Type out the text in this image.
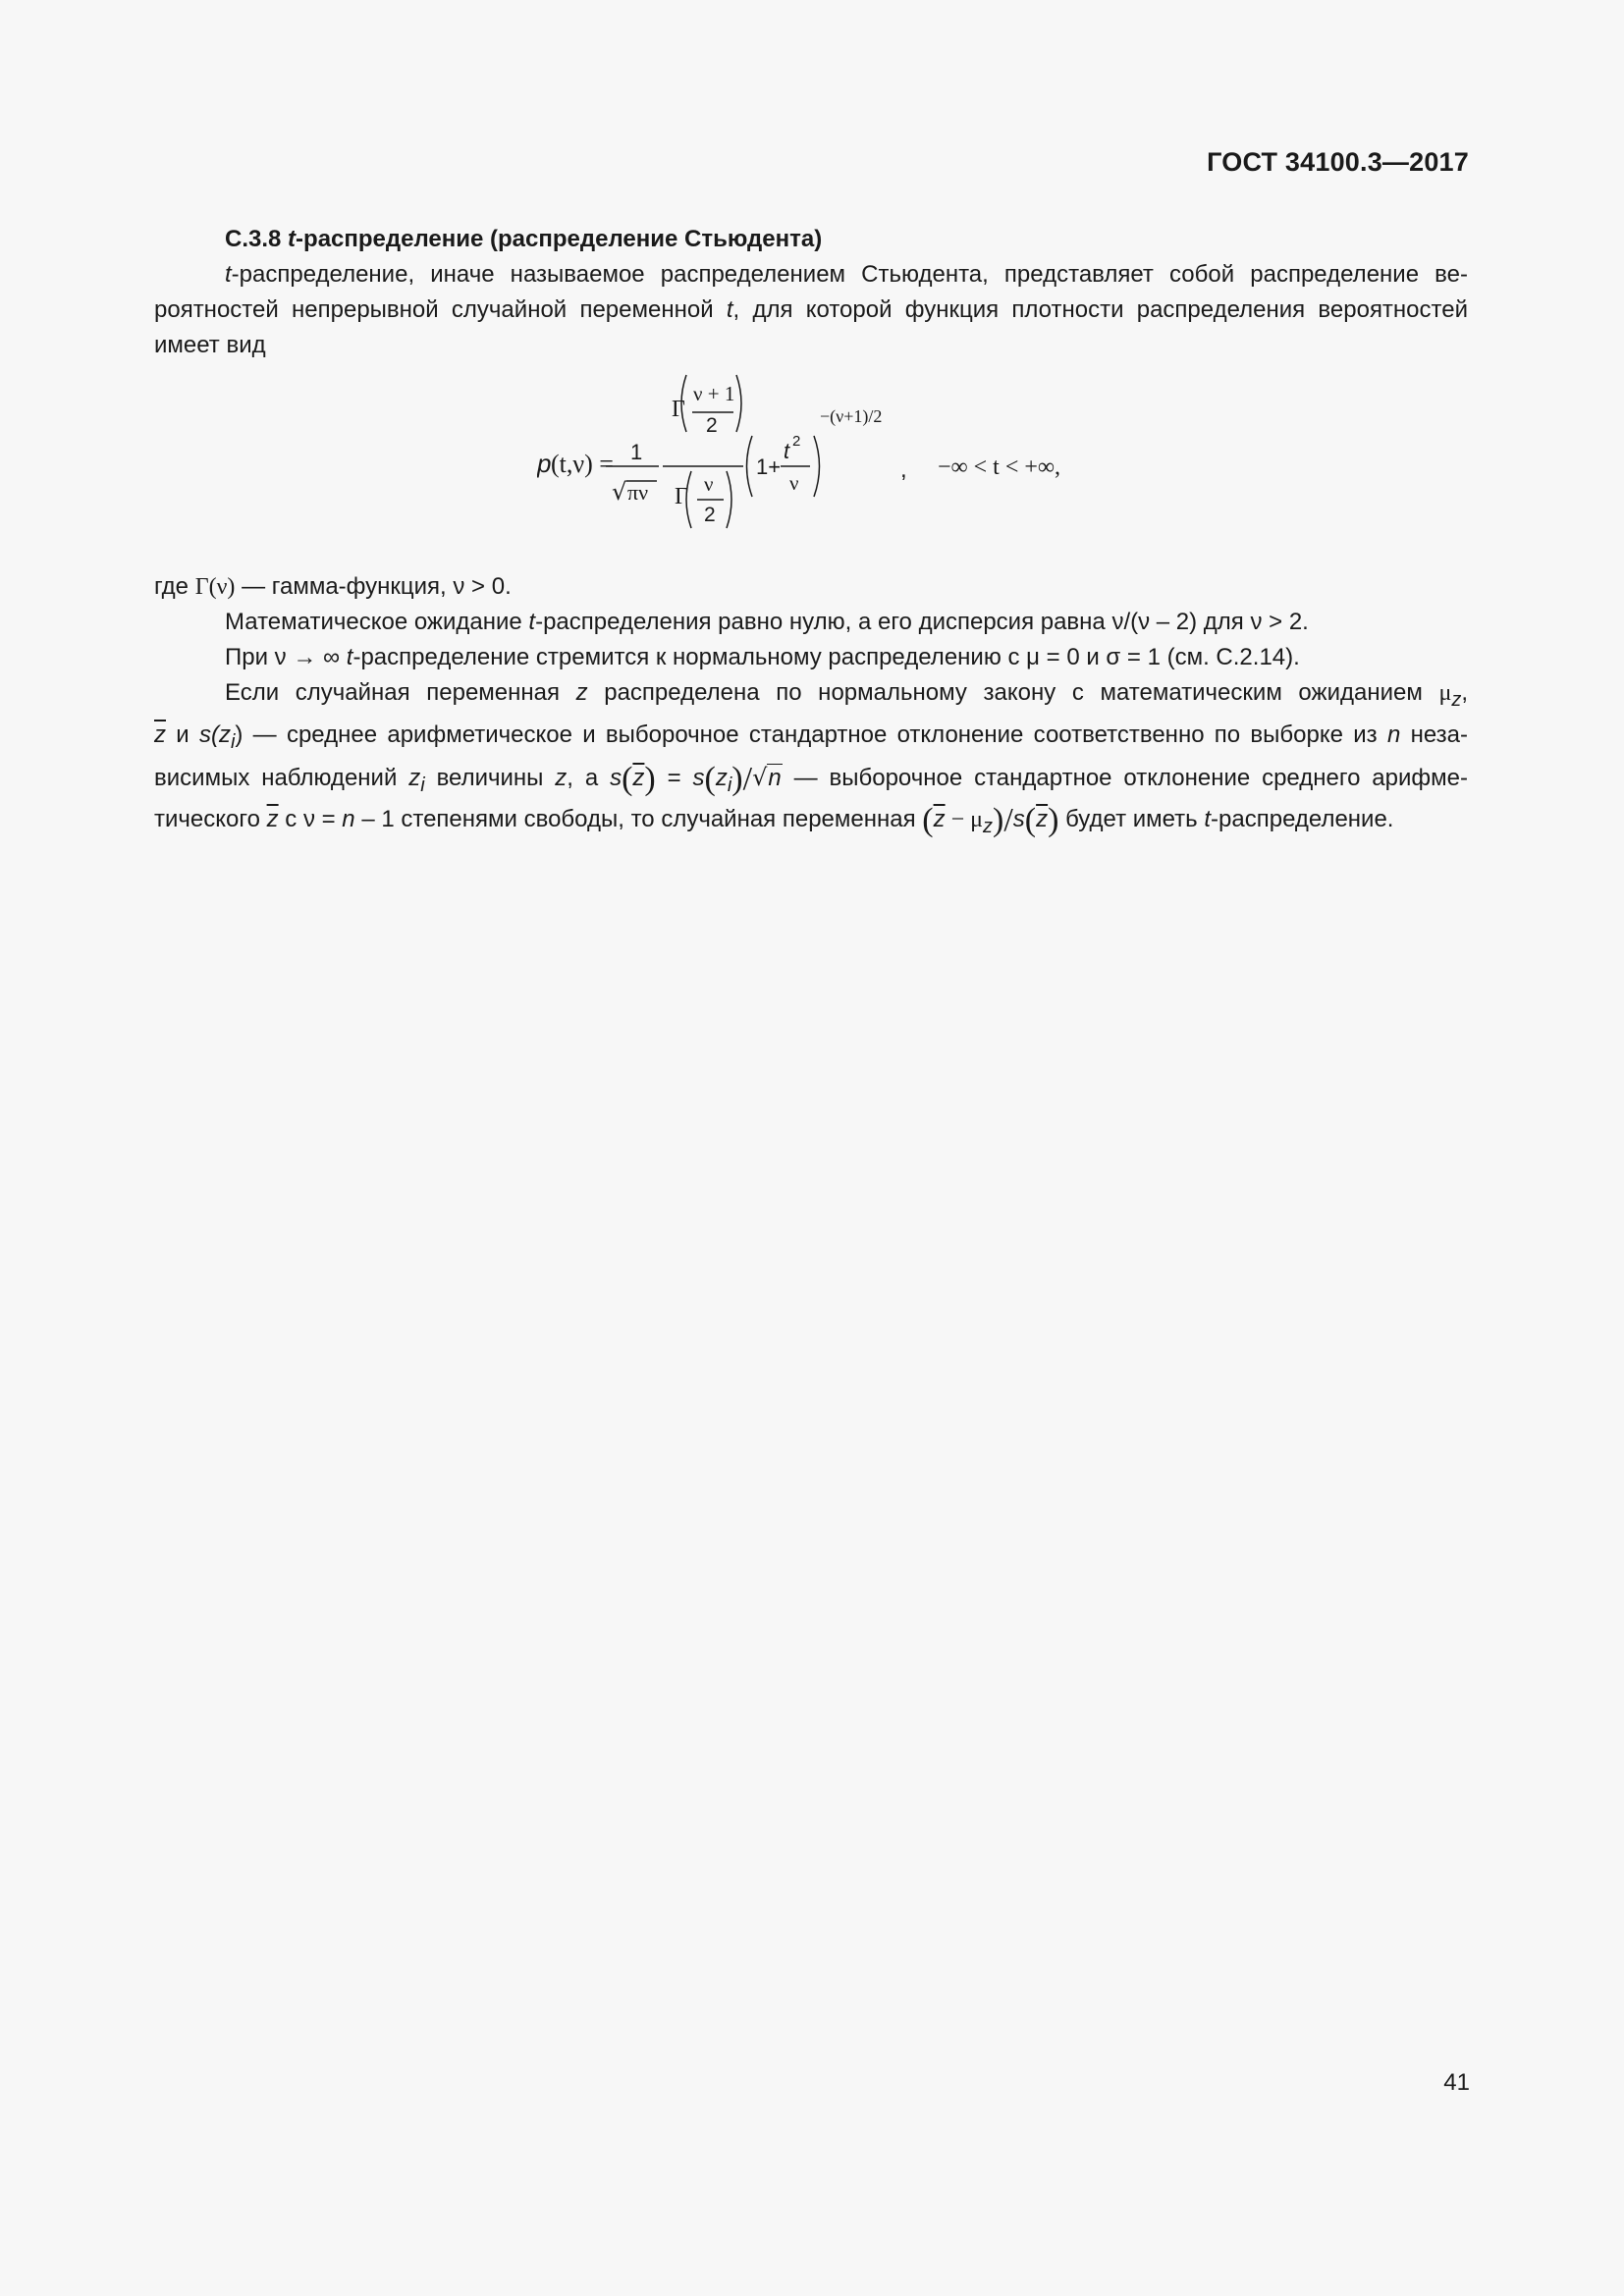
ГОСТ 34100.3—2017

С.3.8 t-распределение (распределение Стьюдента)

t-распределение, иначе называемое распределением Стьюдента, представляет собой распределение ве-

роятностей непрерывной случайной переменной t, для которой функция плотности распределения вероятностей

имеет вид

p (t,ν) = 1
√ πν
Γ
ν + 1
2
Γ ν
2
1+
t 2
ν
−(ν+1)/2
, −∞ < t < +∞,

где Γ(ν) — гамма-функция, ν > 0.

Математическое ожидание t-распределения равно нулю, а его дисперсия равна ν/(ν – 2) для ν > 2.

При ν → ∞ t-распределение стремится к нормальному распределению с μ = 0 и σ = 1 (см. С.2.14).

Если случайная переменная z распределена по нормальному закону с математическим ожиданием $\mu_z$,

$\overline{z}$ и $s(z_i)$ — среднее арифметическое и выборочное стандартное отклонение соответственно по выборке из n неза-

висимых наблюдений $z_i$ величины z, а $s(\overline{z}) = s(z_i)/√n$ — выборочное стандартное отклонение среднего арифме-

тического $\overline{z}$ с ν = n – 1 степенями свободы, то случайная переменная $(\overline{z} - \mu_z)/s(\overline{z})$ будет иметь t-распределение.

41
